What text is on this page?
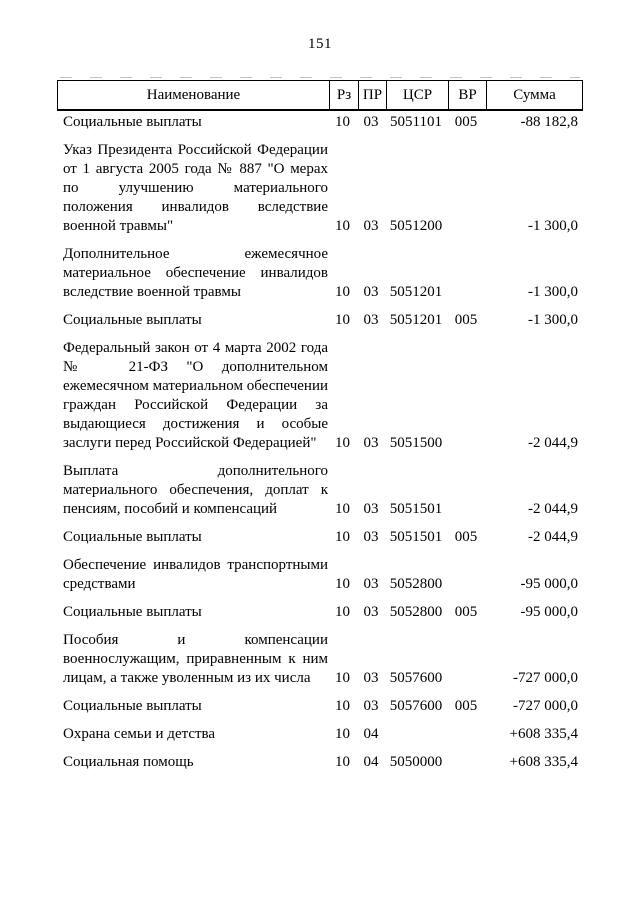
151
Наименование	Рз ПР	ЦСР	ВР	Сумма
Социальные выплаты	10 03 5051101 005	-88 182,8
Указ Президента Российской Федерации от 1 августа 2005 года № 887 "О мерах по улучшению материального положения инвалидов вследствие военной травмы"	10 03 5051200	-1 300,0
Дополнительное ежемесячное материальное обеспечение инвалидов вследствие военной травмы	10 03 5051201	-1 300,0
Социальные выплаты	10 03 5051201 005	-1 300,0
Федеральный закон от 4 марта 2002 года №  21-ФЗ "О дополнительном ежемесячном материальном обеспечении граждан Российской Федерации за выдающиеся достижения и особые заслуги перед Российской Федерацией"	10 03 5051500	-2 044,9
Выплата дополнительного материального обеспечения, доплат к пенсиям, пособий и компенсаций	10 03 5051501	-2 044,9
Социальные выплаты	10 03 5051501 005	-2 044,9
Обеспечение инвалидов транспортными средствами	10 03 5052800	-95 000,0
Социальные выплаты	10 03 5052800 005	-95 000,0
Пособия и компенсации военнослужащим, приравненным к ним лицам, а также уволенным из их числа	10 03 5057600	-727 000,0
Социальные выплаты	10 03 5057600 005	-727 000,0
Охрана семьи и детства	10 04	+608 335,4
Социальная помощь	10 04 5050000	+608 335,4
